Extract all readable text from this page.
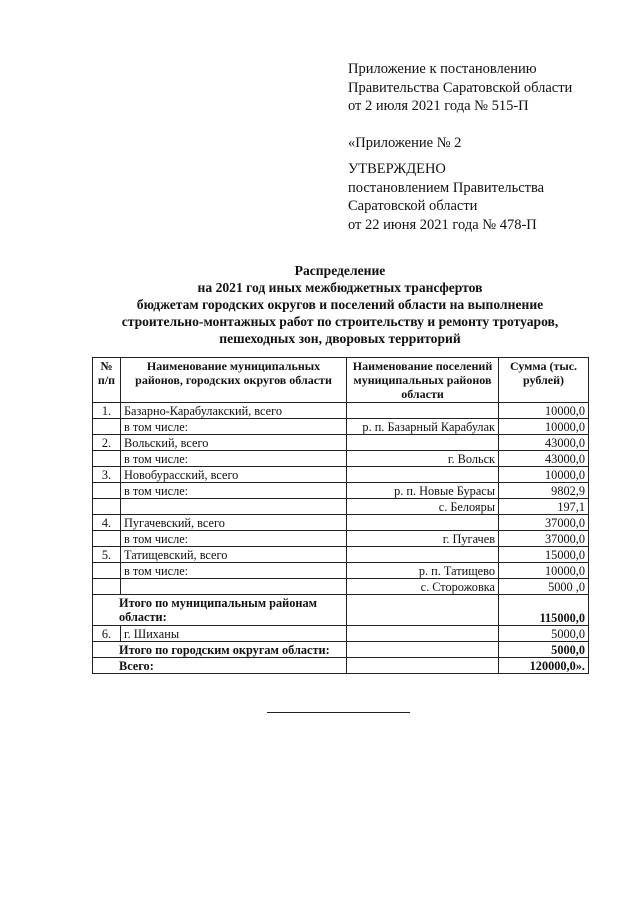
Приложение к постановлению
Правительства Саратовской области
от 2 июля 2021 года № 515-П
«Приложение № 2
УТВЕРЖДЕНО
постановлением Правительства
Саратовской области
от 22 июня 2021 года № 478-П
Распределение
на 2021 год иных межбюджетных трансфертов
бюджетам городских округов и поселений области на выполнение
строительно-монтажных работ по строительству и ремонту тротуаров,
пешеходных зон, дворовых территорий
№ п/п	Наименование муниципальных районов, городских округов области	Наименование поселений муниципальных районов области	Сумма (тыс. рублей)
1.	Базарно-Карабулакский, всего		10000,0
	в том числе:	р. п. Базарный Карабулак	10000,0
2.	Вольский, всего		43000,0
	в том числе:	г. Вольск	43000,0
3.	Новобурасский, всего		10000,0
	в том числе:	р. п. Новые Бурасы	9802,9
		с. Белояры	197,1
4.	Пугачевский, всего		37000,0
	в том числе:	г. Пугачев	37000,0
5.	Татищевский, всего		15000,0
	в том числе:	р. п. Татищево	10000,0
		с. Сторожовка	5000 ,0
Итого по муниципальным районам области:			115000,0
6.	г. Шиханы		5000,0
Итого по городским округам области:			5000,0
Всего:			120000,0».
